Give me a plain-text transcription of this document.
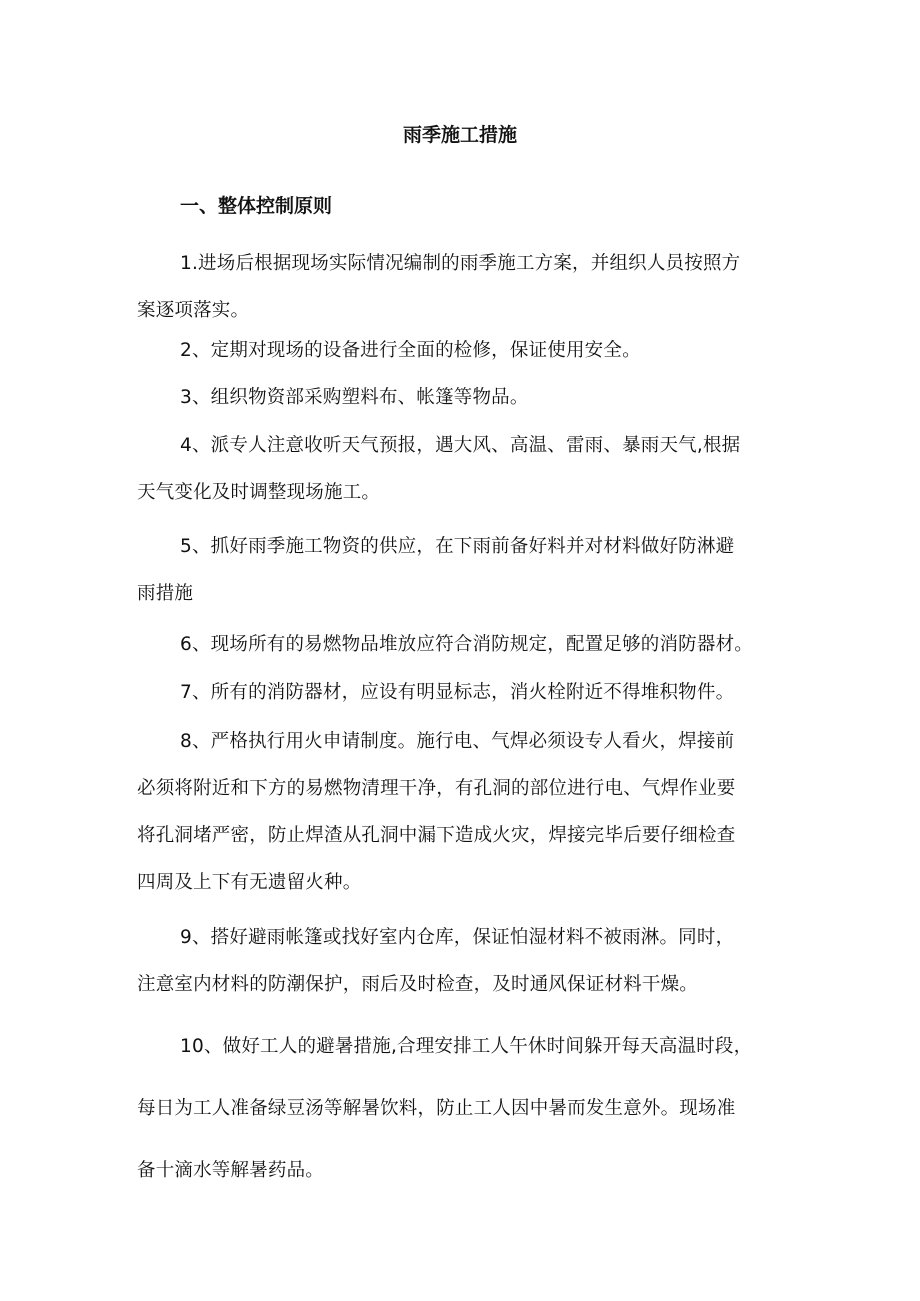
雨季施工措施
一、整体控制原则

1.进场后根据现场实际情况编制的雨季施工方案，并组织人员按照方
案逐项落实。

2、定期对现场的设备进行全面的检修，保证使用安全。

3、组织物资部采购塑料布、帐篷等物品。

4、派专人注意收听天气预报，遇大风、高温、雷雨、暴雨天气,根据
天气变化及时调整现场施工。

5、抓好雨季施工物资的供应，在下雨前备好料并对材料做好防淋避
雨措施

6、现场所有的易燃物品堆放应符合消防规定，配置足够的消防器材。

7、所有的消防器材，应设有明显标志，消火栓附近不得堆积物件。

8、严格执行用火申请制度。施行电、气焊必须设专人看火，焊接前
必须将附近和下方的易燃物清理干净，有孔洞的部位进行电、气焊作业要
将孔洞堵严密，防止焊渣从孔洞中漏下造成火灾，焊接完毕后要仔细检查
四周及上下有无遗留火种。

9、搭好避雨帐篷或找好室内仓库，保证怕湿材料不被雨淋。同时，
注意室内材料的防潮保护，雨后及时检查，及时通风保证材料干燥。

10、做好工人的避暑措施,合理安排工人午休时间躲开每天高温时段，
每日为工人准备绿豆汤等解暑饮料，防止工人因中暑而发生意外。现场准
备十滴水等解暑药品。
